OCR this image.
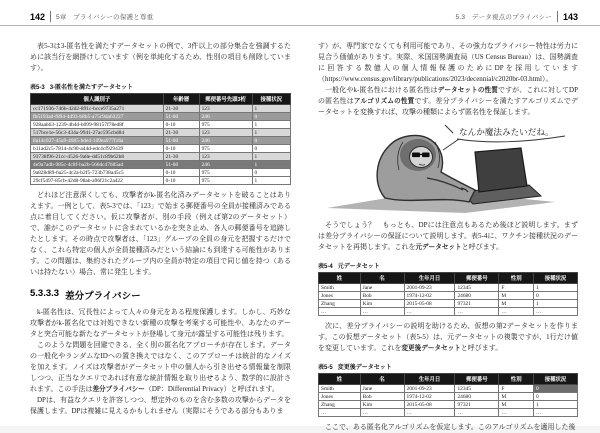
142 5章　プライバシーの保護と尊重

表5-3は3-匿名性を満たすデータセットの例で、3件以上の部分集合を強調するために該当行を網掛けしています（例を単純化するため、性別の項目も削除しています）。

表5-3 3-匿名性を満たすデータセット
個人識別子	年齢層	郵便番号先頭3桁	接種状況
cc171936-746b-42d2-891c-bcce9735a271	21-30	123	1
fb5193ad-f894-4d93-b8b5-a75c9da63227	51-60	246	0
928aab63-1239-4b4d-b099-98157f78ed8f	0-10	975	1
517bce1e-56c3-434a-9941-27ac595cbd84	21-30	123	1
8a14c027-45a9-4685-bde4-109ea977f16a	51-60	246	0
b11ad2c5-7814-4c90-a44d-edc4cf929439	0-10	975	0
93738f96-21cc-4526-9a8e-dd51c89b62b8	21-30	123	1
4e9a7adb-985c-4c8f-ba2b-566dc47685ad	51-60	246	1
9a828d89-6a25-4c2a-b2f5-723b738a45c5	0-10	975	0
29cf5497-85cb-42d8-98ab-a96f21c2a422	0-10	975	1

どれほど注意深くしても、攻撃者がk-匿名化済みデータセットを破ることはありえます。一例として、表5-3では、「123」で始まる郵便番号の全員が接種済みである点に着目してください。仮に攻撃者が、別の手段（例えば第2のデータセット）で、誰がこのデータセットに含まれているかを突き止め、各人の郵便番号を追跡したとします。その時点で攻撃者は、「123」グループの全員の身元を把握するだけでなく、これら特定の個人が全員接種済みだという結論にも到達する可能性があります。この問題は、集約されたグループ内の全員が特定の項目で同じ値を持つ（あるいは持たない）場合、常に発生します。

5.3.3.3 差分プライバシー

k-匿名性は、冗長性によって人々の身元をある程度保護します。しかし、巧妙な攻撃者がk-匿名化では対処できない新種の攻撃を考案する可能性や、あなたのデータと突合可能な新たなデータセットが登場して身元が露呈する可能性は残ります。

このような問題を回避できる、全く別の匿名化アプローチが存在します。データの一般化やランダムなIDへの置き換えではなく、このアプローチは統計的なノイズを加えます。ノイズは攻撃者がデータセット中の個人から引き出せる情報量を制限しつつ、正当なクエリであれば有意な統計情報を取り出せるよう、数学的に設計されます。この手法は差分プライバシー（DP：Differential Privacy）と呼ばれます。

DPは、有益なクエリを許容しつつ、想定外のものを含む多数の攻撃からデータを保護します。DPは複雑に見えるかもしれません（実際にそうである部分もありま

5.3　データ視点のプライバシー 143

す）が、専門家でなくても利用可能であり、その強力なプライバシー特性は労力に見合う価値があります。実際、米国国勢調査局（US Census Bureau）は、国勢調査に回答する数億人の個人情報保護のためにDPを採用しています（https://www.census.gov/library/publications/2023/decennial/c2020br-03.html）。

一般化やk-匿名性における匿名性はデータセットの性質ですが、これに対してDPの匿名性はアルゴリズムの性質です。差分プライバシーを満たすアルゴリズムでデータセットを変換すれば、攻撃の種類によらず匿名性を保証します。

なんか魔法みたいだね。

そうでしょう？　もっとも、DPには注意点もあるため後ほど説明します。まずは差分プライバシーの保証について説明します。表5-4に、ワクチン接種状況のデータセットを再掲します。これを元データセットと呼びます。

表5-4 元データセット
姓	名	生年月日	郵便番号	性別	接種状況
Smith	Jane	2001-09-23	12345	F	1
Jones	Bob	1974-12-02	24680	M	0
Zhang	Kim	2015-05-08	97321	M	1
…	…	…	…	…	…

次に、差分プライバシーの説明を助けるため、仮想の第2データセットを作ります。この仮想データセット（表5-5）は、元データセットの複製ですが、1行だけ値を変更しています。これを変更後データセットと呼びます。

表5-5 変更後データセット
姓	名	生年月日	郵便番号	性別	接種状況
Smith	Jane	2001-09-23	12345	F	0
Jones	Bob	1974-12-02	24680	M	0
Zhang	Kim	2015-05-08	97321	M	1
…	…	…	…	…	…

ここで、ある匿名化アルゴリズムを仮定します。このアルゴリズムを適用した後
